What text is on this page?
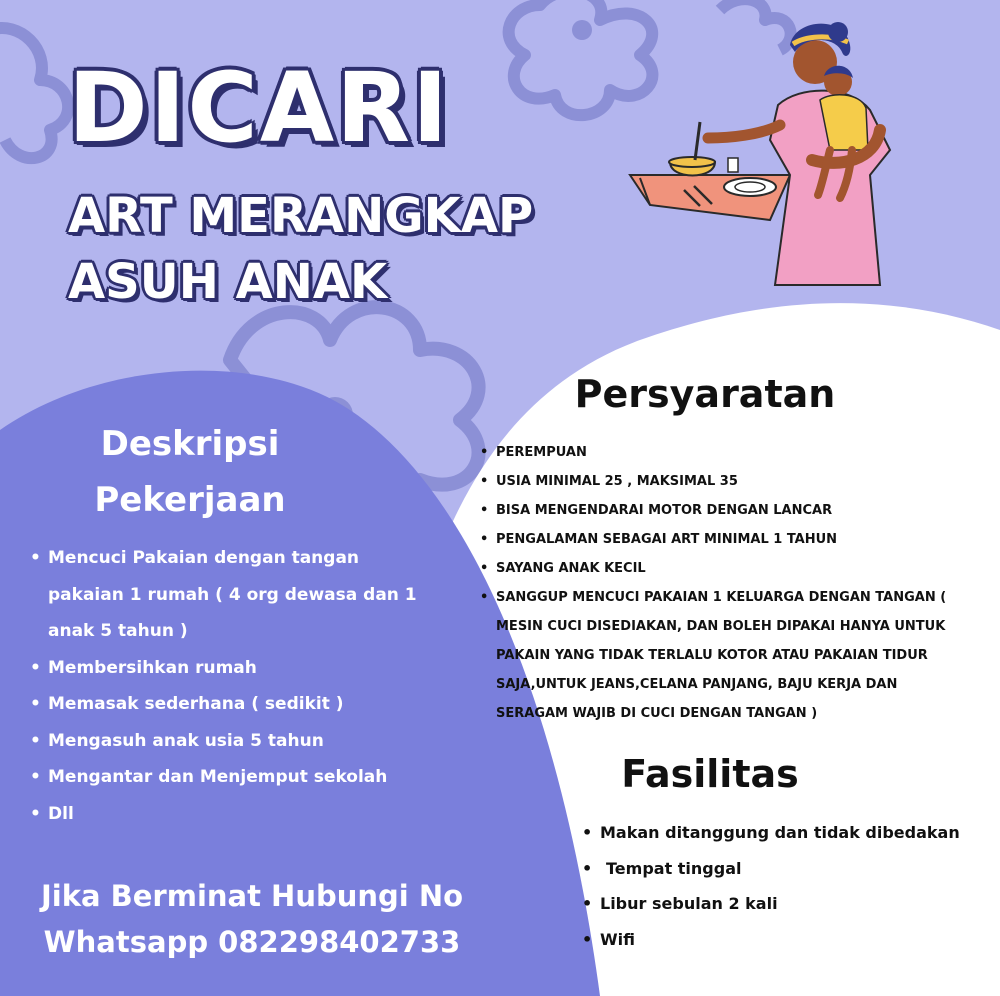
DICARI
ART MERANGKAP
ASUH ANAK
Deskripsi
Pekerjaan
• Mencuci Pakaian dengan tangan
pakaian 1 rumah ( 4 org dewasa dan 1
anak 5 tahun )
• Membersihkan rumah
• Memasak sederhana ( sedikit )
• Mengasuh anak usia 5 tahun
• Mengantar dan Menjemput sekolah
• Dll
Jika Berminat Hubungi No
Whatsapp 082298402733
Persyaratan
• PEREMPUAN
• USIA MINIMAL 25 , MAKSIMAL 35
• BISA MENGENDARAI MOTOR DENGAN LANCAR
• PENGALAMAN SEBAGAI ART MINIMAL 1 TAHUN
• SAYANG ANAK KECIL
• SANGGUP MENCUCI PAKAIAN 1 KELUARGA DENGAN TANGAN (
MESIN CUCI DISEDIAKAN, DAN BOLEH DIPAKAI HANYA UNTUK
PAKAIN YANG TIDAK TERLALU KOTOR ATAU PAKAIAN TIDUR
SAJA,UNTUK JEANS,CELANA PANJANG, BAJU KERJA DAN
SERAGAM WAJIB DI CUCI DENGAN TANGAN )
Fasilitas
• Makan ditanggung dan tidak dibedakan
• Tempat tinggal
• Libur sebulan 2 kali
• Wifi
